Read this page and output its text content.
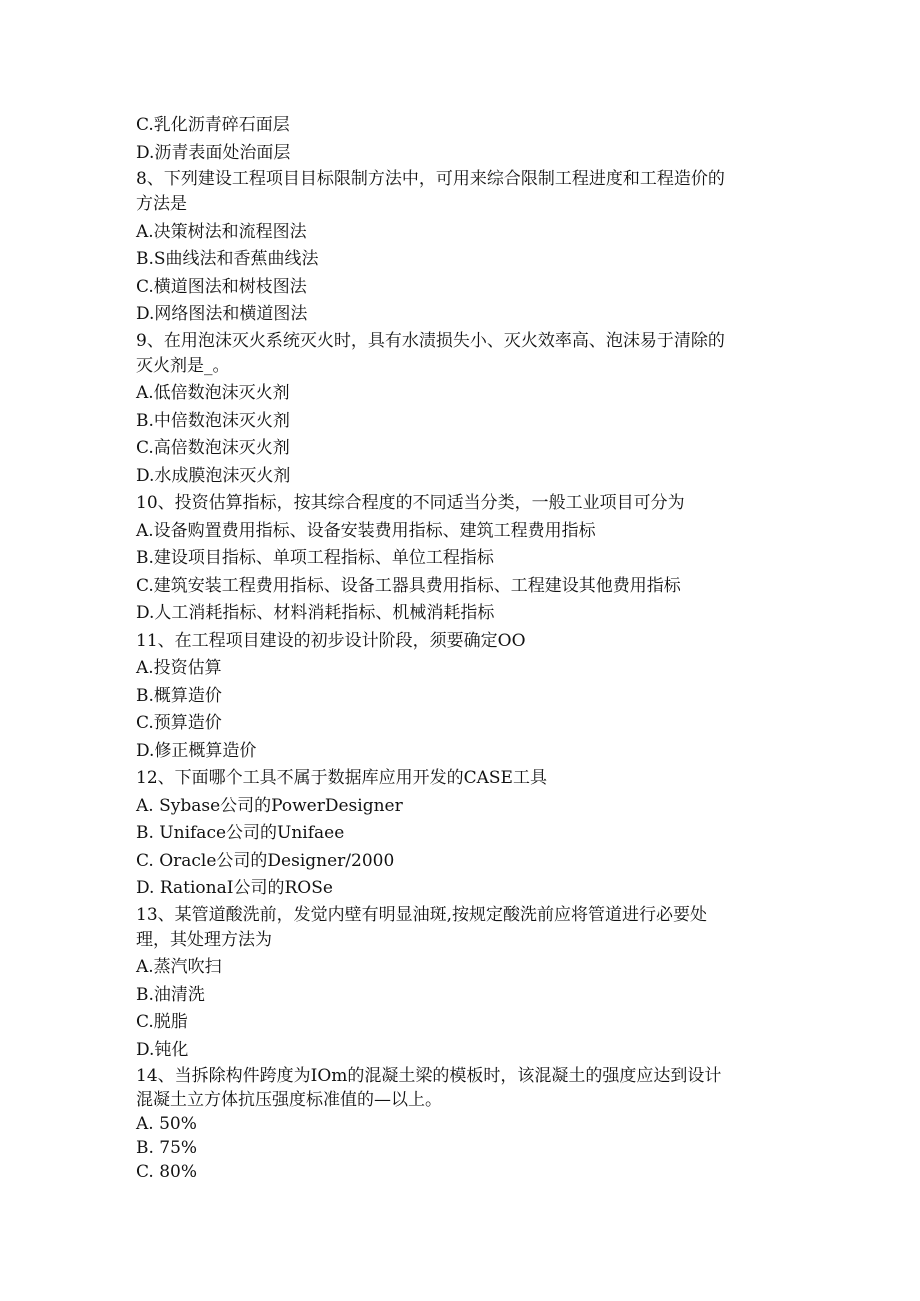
C.乳化沥青碎石面层
D.沥青表面处治面层
8、下列建设工程项目目标限制方法中，可用来综合限制工程进度和工程造价的
方法是
A.决策树法和流程图法
B.S曲线法和香蕉曲线法
C.横道图法和树枝图法
D.网络图法和横道图法
9、在用泡沫灭火系统灭火时，具有水渍损失小、灭火效率高、泡沫易于清除的
灭火剂是_。
A.低倍数泡沫灭火剂
B.中倍数泡沫灭火剂
C.高倍数泡沫灭火剂
D.水成膜泡沫灭火剂
10、投资估算指标，按其综合程度的不同适当分类，一般工业项目可分为
A.设备购置费用指标、设备安装费用指标、建筑工程费用指标
B.建设项目指标、单项工程指标、单位工程指标
C.建筑安装工程费用指标、设备工器具费用指标、工程建设其他费用指标
D.人工消耗指标、材料消耗指标、机械消耗指标
11、在工程项目建设的初步设计阶段，须要确定OO
A.投资估算
B.概算造价
C.预算造价
D.修正概算造价
12、下面哪个工具不属于数据库应用开发的CASE工具
A. Sybase公司的PowerDesigner
B. Uniface公司的Unifaee
C. Oracle公司的Designer/2000
D. RationaI公司的ROSe
13、某管道酸洗前，发觉内壁有明显油斑,按规定酸洗前应将管道进行必要处
理，其处理方法为
A.蒸汽吹扫
B.油清洗
C.脱脂
D.钝化
14、当拆除构件跨度为IOm的混凝土梁的模板时，该混凝土的强度应达到设计
混凝土立方体抗压强度标准值的—以上。
A. 50%
B. 75%
C. 80%
